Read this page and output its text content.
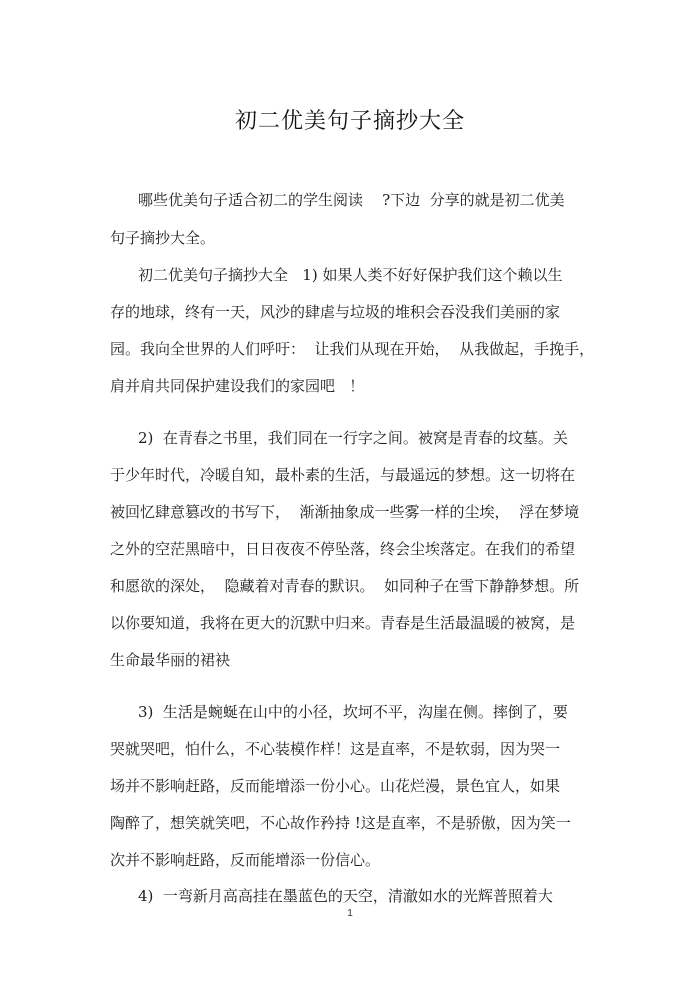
初二优美句子摘抄大全
哪些优美句子适合初二的学生阅读    ?下边  分享的就是初二优美
句子摘抄大全。
初二优美句子摘抄大全   1) 如果人类不好好保护我们这个赖以生
存的地球，终有一天，风沙的肆虐与垃圾的堆积会吞没我们美丽的家
园。我向全世界的人们呼吁：  让我们从现在开始，  从我做起，手挽手，
肩并肩共同保护建设我们的家园吧   ！
2)  在青春之书里，我们同在一行字之间。被窝是青春的坟墓。关
于少年时代，冷暖自知，最朴素的生活，与最遥远的梦想。这一切将在
被回忆肆意篡改的书写下，  渐渐抽象成一些雾一样的尘埃，  浮在梦境
之外的空茫黑暗中，日日夜夜不停坠落，终会尘埃落定。在我们的希望
和愿欲的深处，  隐藏着对青春的默识。  如同种子在雪下静静梦想。所
以你要知道，我将在更大的沉默中归来。青春是生活最温暖的被窝，是
生命最华丽的裙袂
3)  生活是蜿蜒在山中的小径，坎坷不平，沟崖在侧。摔倒了，要
哭就哭吧，怕什么，不心装模作样！这是直率，不是软弱，因为哭一
场并不影响赶路，反而能增添一份小心。山花烂漫，景色宜人，如果
陶醉了，想笑就笑吧，不心故作矜持 !这是直率，不是骄傲，因为笑一
次并不影响赶路，反而能增添一份信心。
4)  一弯新月高高挂在墨蓝色的天空，清澈如水的光辉普照着大
1
